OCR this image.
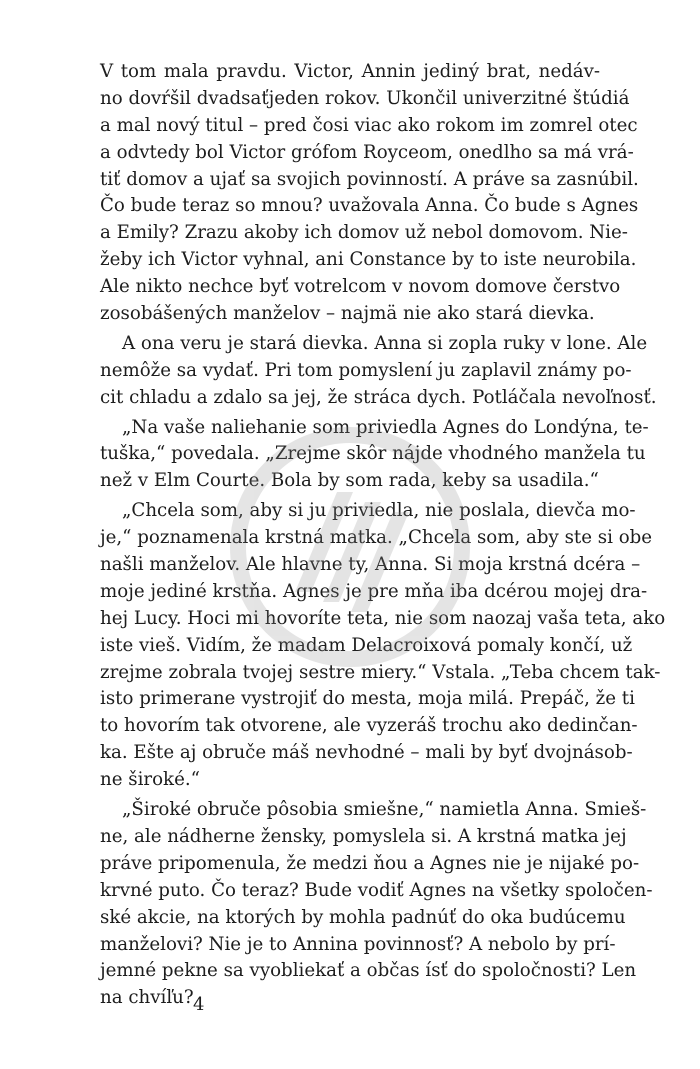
V tom mala pravdu. Victor, Annin jediný brat, nedáv-
no dovŕšil dvadsaťjeden rokov. Ukončil univerzitné štúdiá
a mal nový titul – pred čosi viac ako rokom im zomrel otec
a odvtedy bol Victor grófom Royceom, onedlho sa má vrá-
tiť domov a ujať sa svojich povinností. A práve sa zasnúbil.
Čo bude teraz so mnou? uvažovala Anna. Čo bude s Agnes
a Emily? Zrazu akoby ich domov už nebol domovom. Nie-
žeby ich Victor vyhnal, ani Constance by to iste neurobila.
Ale nikto nechce byť votrelcom v novom domove čerstvo
zosobášených manželov – najmä nie ako stará dievka.
A ona veru je stará dievka. Anna si zopla ruky v lone. Ale
nemôže sa vydať. Pri tom pomyslení ju zaplavil známy po-
cit chladu a zdalo sa jej, že stráca dych. Potláčala nevoľnosť.
„Na vaše naliehanie som priviedla Agnes do Londýna, te-
tuška,“ povedala. „Zrejme skôr nájde vhodného manžela tu
než v Elm Courte. Bola by som rada, keby sa usadila.“
„Chcela som, aby si ju priviedla, nie poslala, dievča mo-
je,“ poznamenala krstná matka. „Chcela som, aby ste si obe
našli manželov. Ale hlavne ty, Anna. Si moja krstná dcéra –
moje jediné krstňa. Agnes je pre mňa iba dcérou mojej dra-
hej Lucy. Hoci mi hovoríte teta, nie som naozaj vaša teta, ako
iste vieš. Vidím, že madam Delacroixová pomaly končí, už
zrejme zobrala tvojej sestre miery.“ Vstala. „Teba chcem tak-
isto primerane vystrojiť do mesta, moja milá. Prepáč, že ti
to hovorím tak otvorene, ale vyzeráš trochu ako dedinčan-
ka. Ešte aj obruče máš nevhodné – mali by byť dvojnásob-
ne široké.“
„Široké obruče pôsobia smiešne,“ namietla Anna. Smieš-
ne, ale nádherne žensky, pomyslela si. A krstná matka jej
práve pripomenula, že medzi ňou a Agnes nie je nijaké po-
krvné puto. Čo teraz? Bude vodiť Agnes na všetky spoločen-
ské akcie, na ktorých by mohla padnúť do oka budúcemu
manželovi? Nie je to Annina povinnosť? A nebolo by prí-
jemné pekne sa vyobliekať a občas ísť do spoločnosti? Len
na chvíľu? 4
